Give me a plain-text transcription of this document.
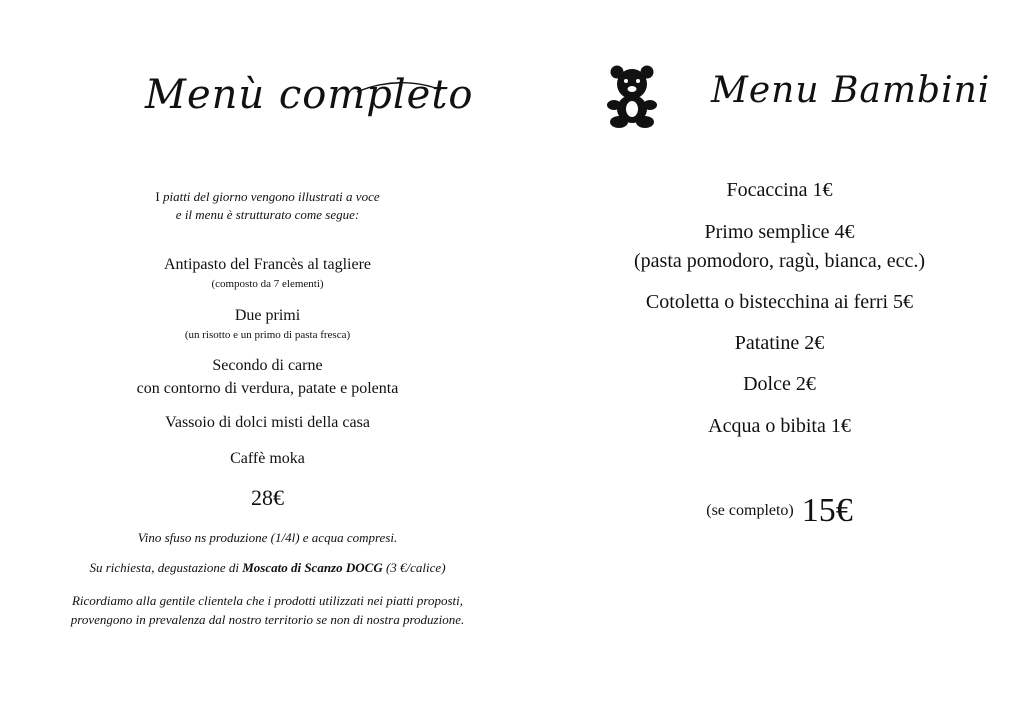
Menù completo
I piatti del giorno vengono illustrati a voce
e il menu è strutturato come segue:
Antipasto del Francès al tagliere
(composto da 7 elementi)
Due primi
(un risotto e un primo di pasta fresca)
Secondo di carne
con contorno di verdura, patate e polenta
Vassoio di dolci misti della casa
Caffè moka
28€
Vino sfuso ns produzione (1/4l) e acqua compresi.
Su richiesta, degustazione di Moscato di Scanzo DOCG (3 €/calice)
Ricordiamo alla gentile clientela che i prodotti utilizzati nei piatti proposti,
provengono in prevalenza dal nostro territorio se non di nostra produzione.
Menu Bambini
Focaccina 1€
Primo semplice 4€
(pasta pomodoro, ragù, bianca, ecc.)
Cotoletta o bistecchina ai ferri 5€
Patatine 2€
Dolce 2€
Acqua o bibita 1€
(se completo) 15€
